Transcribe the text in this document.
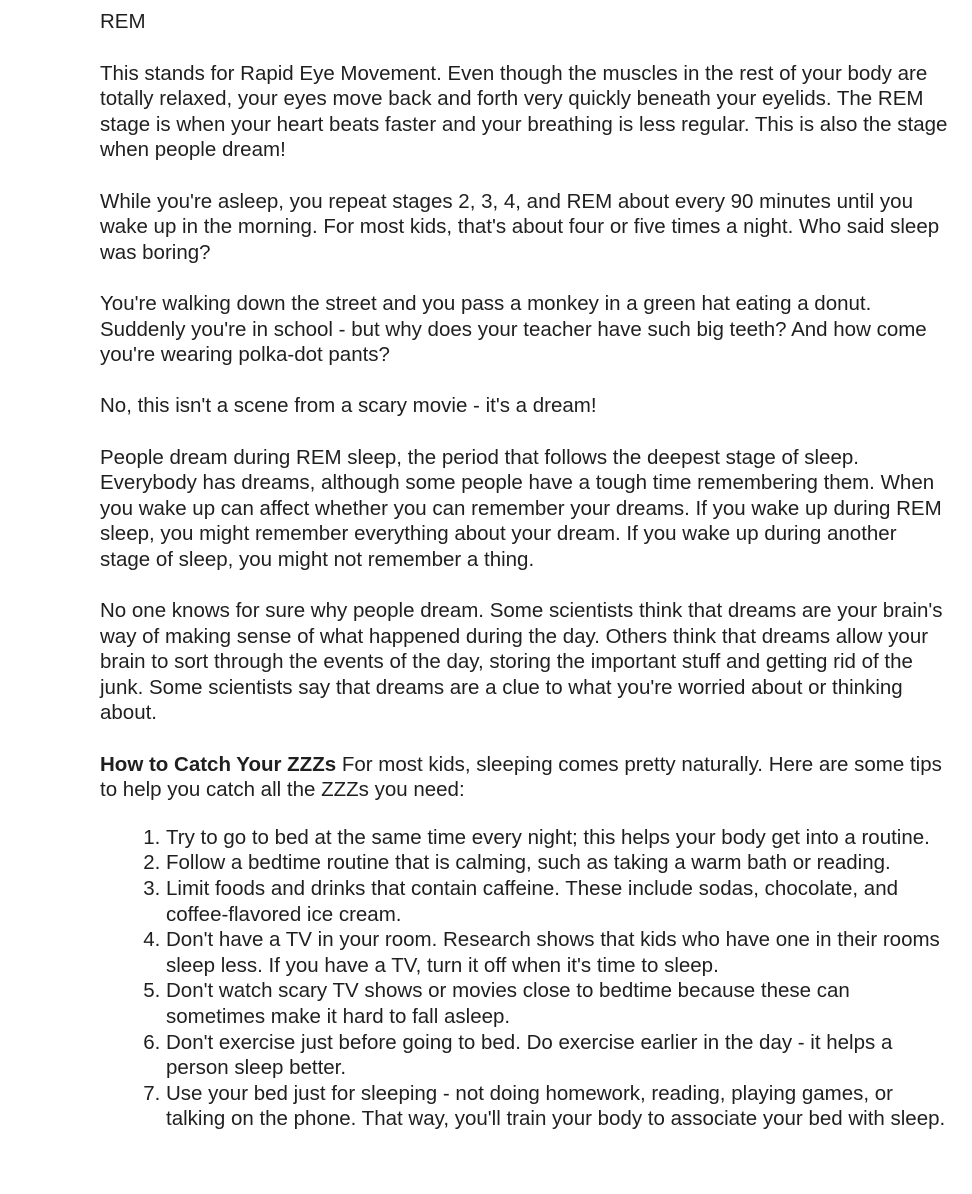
REM

This stands for Rapid Eye Movement. Even though the muscles in the rest of your body are totally relaxed, your eyes move back and forth very quickly beneath your eyelids. The REM stage is when your heart beats faster and your breathing is less regular. This is also the stage when people dream!

While you're asleep, you repeat stages 2, 3, 4, and REM about every 90 minutes until you wake up in the morning. For most kids, that's about four or five times a night. Who said sleep was boring?

You're walking down the street and you pass a monkey in a green hat eating a donut. Suddenly you're in school - but why does your teacher have such big teeth? And how come you're wearing polka-dot pants?

No, this isn't a scene from a scary movie - it's a dream!

People dream during REM sleep, the period that follows the deepest stage of sleep. Everybody has dreams, although some people have a tough time remembering them. When you wake up can affect whether you can remember your dreams. If you wake up during REM sleep, you might remember everything about your dream. If you wake up during another stage of sleep, you might not remember a thing.

No one knows for sure why people dream. Some scientists think that dreams are your brain's way of making sense of what happened during the day. Others think that dreams allow your brain to sort through the events of the day, storing the important stuff and getting rid of the junk. Some scientists say that dreams are a clue to what you're worried about or thinking about.

How to Catch Your ZZZs For most kids, sleeping comes pretty naturally. Here are some tips to help you catch all the ZZZs you need:

1. Try to go to bed at the same time every night; this helps your body get into a routine.
2. Follow a bedtime routine that is calming, such as taking a warm bath or reading.
3. Limit foods and drinks that contain caffeine. These include sodas, chocolate, and coffee-flavored ice cream.
4. Don't have a TV in your room. Research shows that kids who have one in their rooms sleep less. If you have a TV, turn it off when it's time to sleep.
5. Don't watch scary TV shows or movies close to bedtime because these can sometimes make it hard to fall asleep.
6. Don't exercise just before going to bed. Do exercise earlier in the day - it helps a person sleep better.
7. Use your bed just for sleeping - not doing homework, reading, playing games, or talking on the phone. That way, you'll train your body to associate your bed with sleep.
